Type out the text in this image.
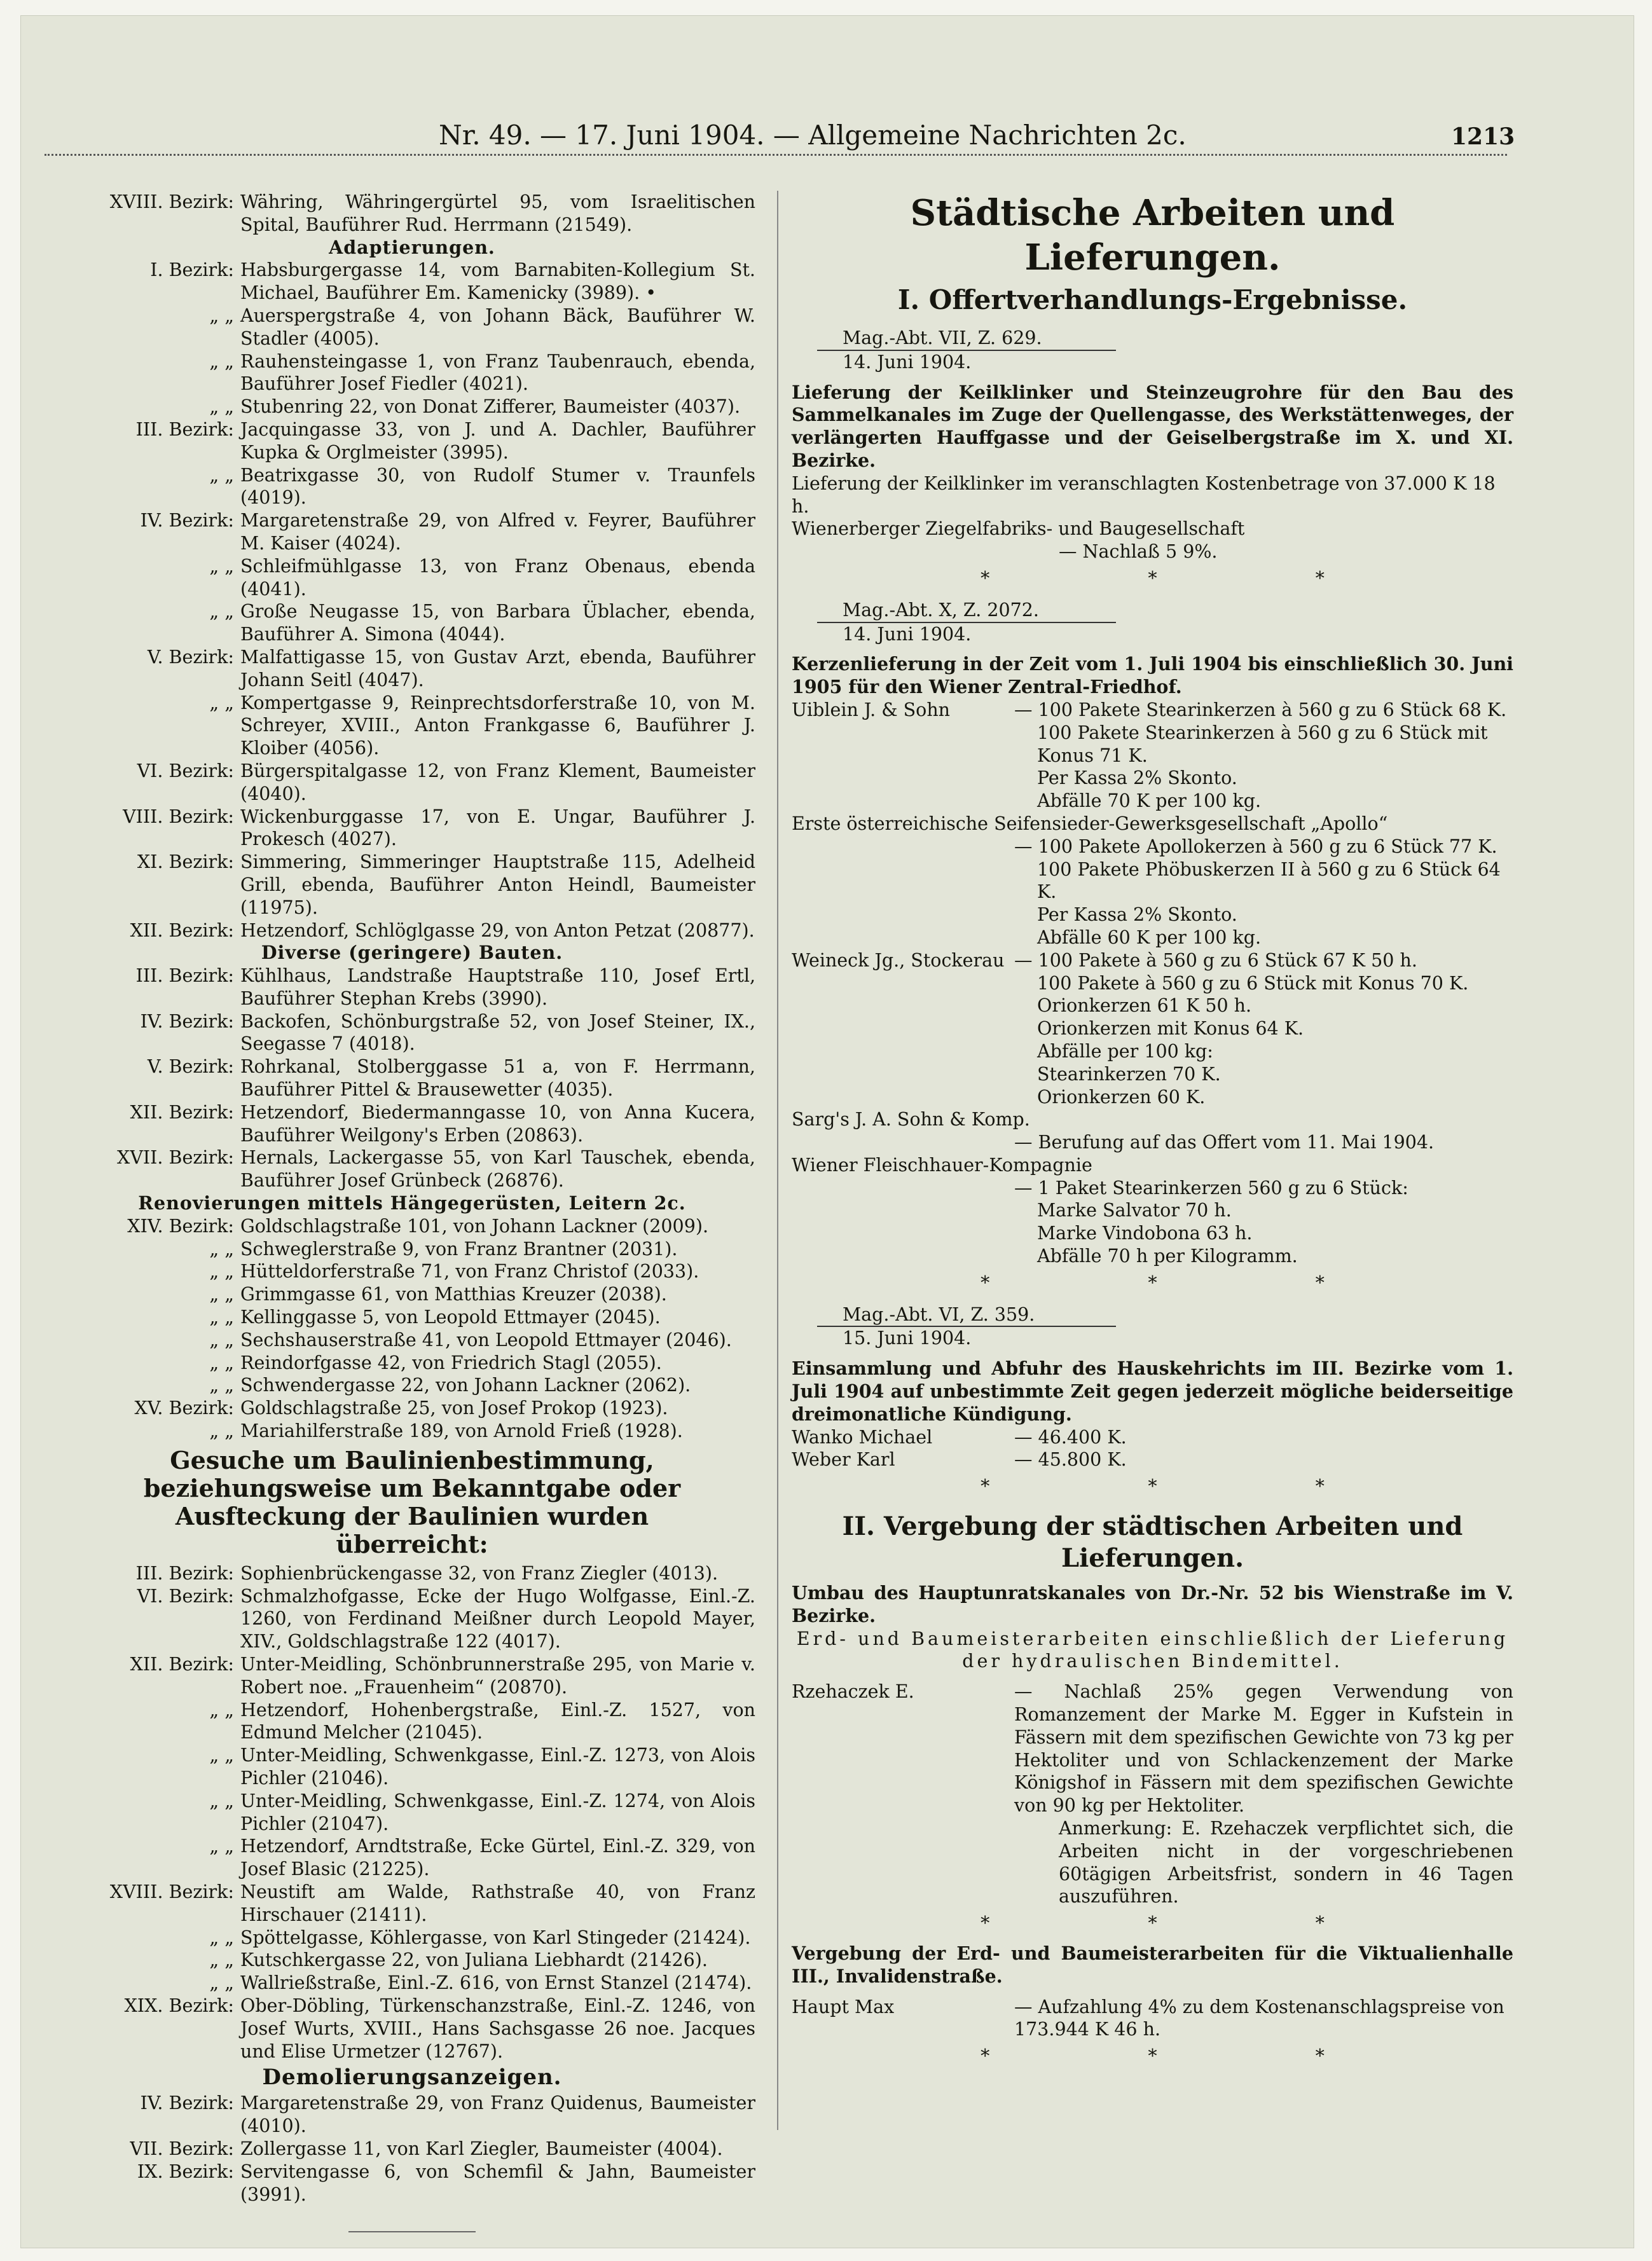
Nr. 49. — 17. Juni 1904. — Allgemeine Nachrichten 2c.	1213
XVIII. Bezirk: Währing, Währingergürtel 95, vom Israelitischen Spital, Bauführer Rud. Herrmann (21549).
Adaptierungen.
I. Bezirk: Habsburgergasse 14, vom Barnabiten-Kollegium St. Michael, Bauführer Em. Kamenicky (3989). •
„ „ Auerspergstraße 4, von Johann Bäck, Bauführer W. Stadler (4005).
„ „ Rauhensteingasse 1, von Franz Taubenrauch, ebenda, Bauführer Josef Fiedler (4021).
„ „ Stubenring 22, von Donat Zifferer, Baumeister (4037).
III. Bezirk: Jacquingasse 33, von J. und A. Dachler, Bauführer Kupka & Orglmeister (3995).
„ „ Beatrixgasse 30, von Rudolf Stumer v. Traunfels (4019).
IV. Bezirk: Margaretenstraße 29, von Alfred v. Feyrer, Bauführer M. Kaiser (4024).
„ „ Schleifmühlgasse 13, von Franz Obenaus, ebenda (4041).
„ „ Große Neugasse 15, von Barbara Üblacher, ebenda, Bauführer A. Simona (4044).
V. Bezirk: Malfattigasse 15, von Gustav Arzt, ebenda, Bauführer Johann Seitl (4047).
„ „ Kompertgasse 9, Reinprechtsdorferstraße 10, von M. Schreyer, XVIII., Anton Frankgasse 6, Bauführer J. Kloiber (4056).
VI. Bezirk: Bürgerspitalgasse 12, von Franz Klement, Baumeister (4040).
VIII. Bezirk: Wickenburggasse 17, von E. Ungar, Bauführer J. Prokesch (4027).
XI. Bezirk: Simmering, Simmeringer Hauptstraße 115, Adelheid Grill, ebenda, Bauführer Anton Heindl, Baumeister (11975).
XII. Bezirk: Hetzendorf, Schlöglgasse 29, von Anton Petzat (20877).
Diverse (geringere) Bauten.
III. Bezirk: Kühlhaus, Landstraße Hauptstraße 110, Josef Ertl, Bauführer Stephan Krebs (3990).
IV. Bezirk: Backofen, Schönburgstraße 52, von Josef Steiner, IX., Seegasse 7 (4018).
V. Bezirk: Rohrkanal, Stolberggasse 51 a, von F. Herrmann, Bauführer Pittel & Brausewetter (4035).
XII. Bezirk: Hetzendorf, Biedermanngasse 10, von Anna Kucera, Bauführer Weilgony's Erben (20863).
XVII. Bezirk: Hernals, Lackergasse 55, von Karl Tauschek, ebenda, Bauführer Josef Grünbeck (26876).
Renovierungen mittels Hängegerüsten, Leitern 2c.
XIV. Bezirk: Goldschlagstraße 101, von Johann Lackner (2009).
„ „ Schweglerstraße 9, von Franz Brantner (2031).
„ „ Hütteldorferstraße 71, von Franz Christof (2033).
„ „ Grimmgasse 61, von Matthias Kreuzer (2038).
„ „ Kellinggasse 5, von Leopold Ettmayer (2045).
„ „ Sechshauserstraße 41, von Leopold Ettmayer (2046).
„ „ Reindorfgasse 42, von Friedrich Stagl (2055).
„ „ Schwendergasse 22, von Johann Lackner (2062).
XV. Bezirk: Goldschlagstraße 25, von Josef Prokop (1923).
„ „ Mariahilferstraße 189, von Arnold Frieß (1928).
Gesuche um Baulinienbestimmung, beziehungsweise um Bekanntgabe oder Ausfteckung der Baulinien wurden überreicht:
III. Bezirk: Sophienbrückengasse 32, von Franz Ziegler (4013).
VI. Bezirk: Schmalzhofgasse, Ecke der Hugo Wolfgasse, Einl.-Z. 1260, von Ferdinand Meißner durch Leopold Mayer, XIV., Goldschlagstraße 122 (4017).
XII. Bezirk: Unter-Meidling, Schönbrunnerstraße 295, von Marie v. Robert noe. „Frauenheim“ (20870).
„ „ Hetzendorf, Hohenbergstraße, Einl.-Z. 1527, von Edmund Melcher (21045).
„ „ Unter-Meidling, Schwenkgasse, Einl.-Z. 1273, von Alois Pichler (21046).
„ „ Unter-Meidling, Schwenkgasse, Einl.-Z. 1274, von Alois Pichler (21047).
„ „ Hetzendorf, Arndtstraße, Ecke Gürtel, Einl.-Z. 329, von Josef Blasic (21225).
XVIII. Bezirk: Neustift am Walde, Rathstraße 40, von Franz Hirschauer (21411).
„ „ Spöttelgasse, Köhlergasse, von Karl Stingeder (21424).
„ „ Kutschkergasse 22, von Juliana Liebhardt (21426).
„ „ Wallrießstraße, Einl.-Z. 616, von Ernst Stanzel (21474).
XIX. Bezirk: Ober-Döbling, Türkenschanzstraße, Einl.-Z. 1246, von Josef Wurts, XVIII., Hans Sachsgasse 26 noe. Jacques und Elise Urmetzer (12767).
Demolierungsanzeigen.
IV. Bezirk: Margaretenstraße 29, von Franz Quidenus, Baumeister (4010).
VII. Bezirk: Zollergasse 11, von Karl Ziegler, Baumeister (4004).
IX. Bezirk: Servitengasse 6, von Schemfil & Jahn, Baumeister (3991).
Städtische Arbeiten und Lieferungen.
I. Offertverhandlungs-Ergebnisse.
Mag.-Abt. VII, Z. 629.
14. Juni 1904.
Lieferung der Keilklinker und Steinzeugrohre für den Bau des Sammelkanales im Zuge der Quellengasse, des Werkstättenweges, der verlängerten Hauffgasse und der Geiselbergstraße im X. und XI. Bezirke.
Lieferung der Keilklinker im veranschlagten Kostenbetrage von 37.000 K 18 h.
Wienerberger Ziegelfabriks- und Baugesellschaft
— Nachlaß 5 9%.
* * *
Mag.-Abt. X, Z. 2072.
14. Juni 1904.
Kerzenlieferung in der Zeit vom 1. Juli 1904 bis einschließlich 30. Juni 1905 für den Wiener Zentral-Friedhof.
Uiblein J. & Sohn	— 100 Pakete Stearinkerzen à 560 g zu 6 Stück 68 K.
100 Pakete Stearinkerzen à 560 g zu 6 Stück mit Konus 71 K.
Per Kassa 2% Skonto.
Abfälle 70 K per 100 kg.
Erste österreichische Seifensieder-Gewerksgesellschaft „Apollo“
— 100 Pakete Apollokerzen à 560 g zu 6 Stück 77 K.
100 Pakete Phöbuskerzen II à 560 g zu 6 Stück 64 K.
Per Kassa 2% Skonto.
Abfälle 60 K per 100 kg.
Weineck Jg., Stockerau — 100 Pakete à 560 g zu 6 Stück 67 K 50 h.
100 Pakete à 560 g zu 6 Stück mit Konus 70 K.
Orionkerzen 61 K 50 h.
Orionkerzen mit Konus 64 K.
Abfälle per 100 kg:
Stearinkerzen 70 K.
Orionkerzen 60 K.
Sarg's J. A. Sohn & Komp.
— Berufung auf das Offert vom 11. Mai 1904.
Wiener Fleischhauer-Kompagnie
— 1 Paket Stearinkerzen 560 g zu 6 Stück:
Marke Salvator 70 h.
Marke Vindobona 63 h.
Abfälle 70 h per Kilogramm.
* * *
Mag.-Abt. VI, Z. 359.
15. Juni 1904.
Einsammlung und Abfuhr des Hauskehrichts im III. Bezirke vom 1. Juli 1904 auf unbestimmte Zeit gegen jederzeit mögliche beiderseitige dreimonatliche Kündigung.
Wanko Michael	— 46.400 K.
Weber Karl	— 45.800 K.
* * *
II. Vergebung der städtischen Arbeiten und Lieferungen.
Umbau des Hauptunratskanales von Dr.-Nr. 52 bis Wienstraße im V. Bezirke.
Erd- und Baumeisterarbeiten einschließlich der Lieferung der hydraulischen Bindemittel.
Rzehaczek E.	— Nachlaß 25% gegen Verwendung von Romanzement der Marke M. Egger in Kufstein in Fässern mit dem spezifischen Gewichte von 73 kg per Hektoliter und von Schlackenzement der Marke Königshof in Fässern mit dem spezifischen Gewichte von 90 kg per Hektoliter.
Anmerkung: E. Rzehaczek verpflichtet sich, die Arbeiten nicht in der vorgeschriebenen 60tägigen Arbeitsfrist, sondern in 46 Tagen auszuführen.
* * *
Vergebung der Erd- und Baumeisterarbeiten für die Viktualienhalle III., Invalidenstraße.
Haupt Max	— Aufzahlung 4% zu dem Kostenanschlagspreise von 173.944 K 46 h.
* * *
